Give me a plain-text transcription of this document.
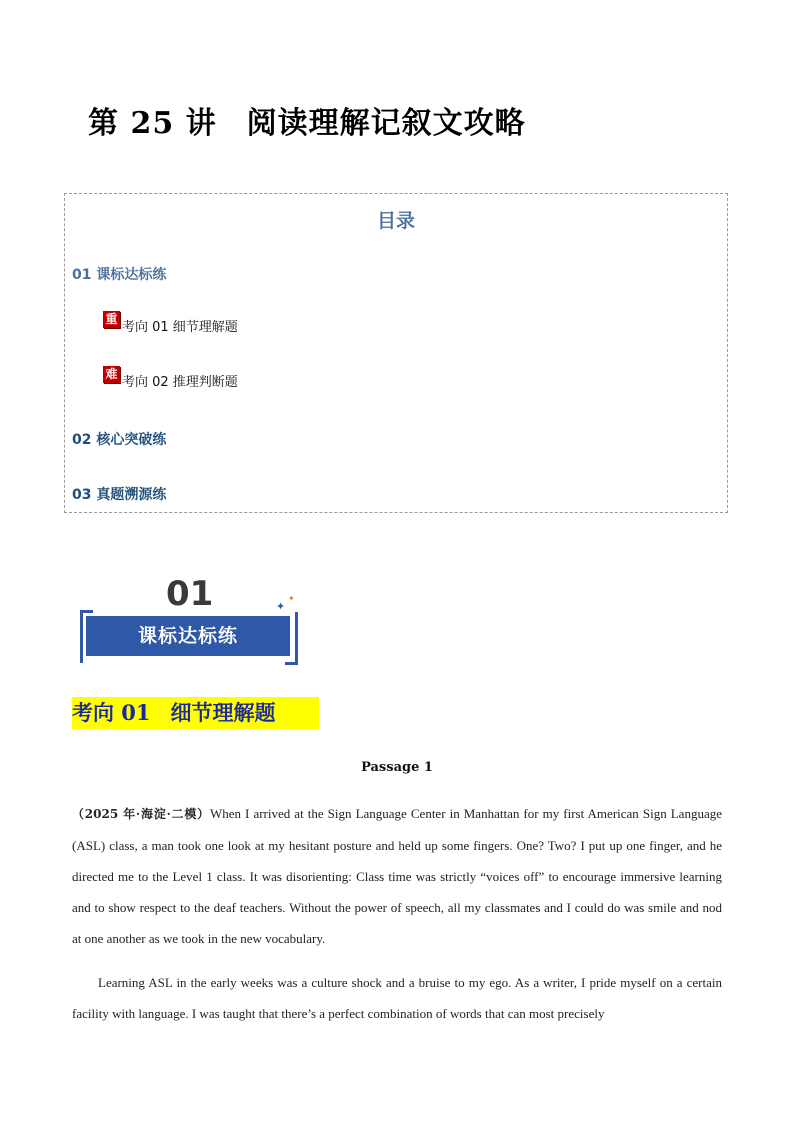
第 25 讲 阅读理解记叙文攻略
目录
01 课标达标练
重
考向 01 细节理解题
难
考向 02 推理判断题
02 核心突破练
03 真题溯源练
01
课标达标练
✦
✦
考向 01 细节理解题
Passage 1
（2025 年·海淀·二模）When I arrived at the Sign Language Center in Manhattan for my first American Sign Language (ASL) class, a man took one look at my hesitant posture and held up some fingers. One? Two? I put up one finger, and he directed me to the Level 1 class. It was disorienting: Class time was strictly “voices off” to encourage immersive learning and to show respect to the deaf teachers. Without the power of speech, all my classmates and I could do was smile and nod at one another as we took in the new vocabulary.
Learning ASL in the early weeks was a culture shock and a bruise to my ego. As a writer, I pride myself on a certain facility with language. I was taught that there’s a perfect combination of words that can most precisely
